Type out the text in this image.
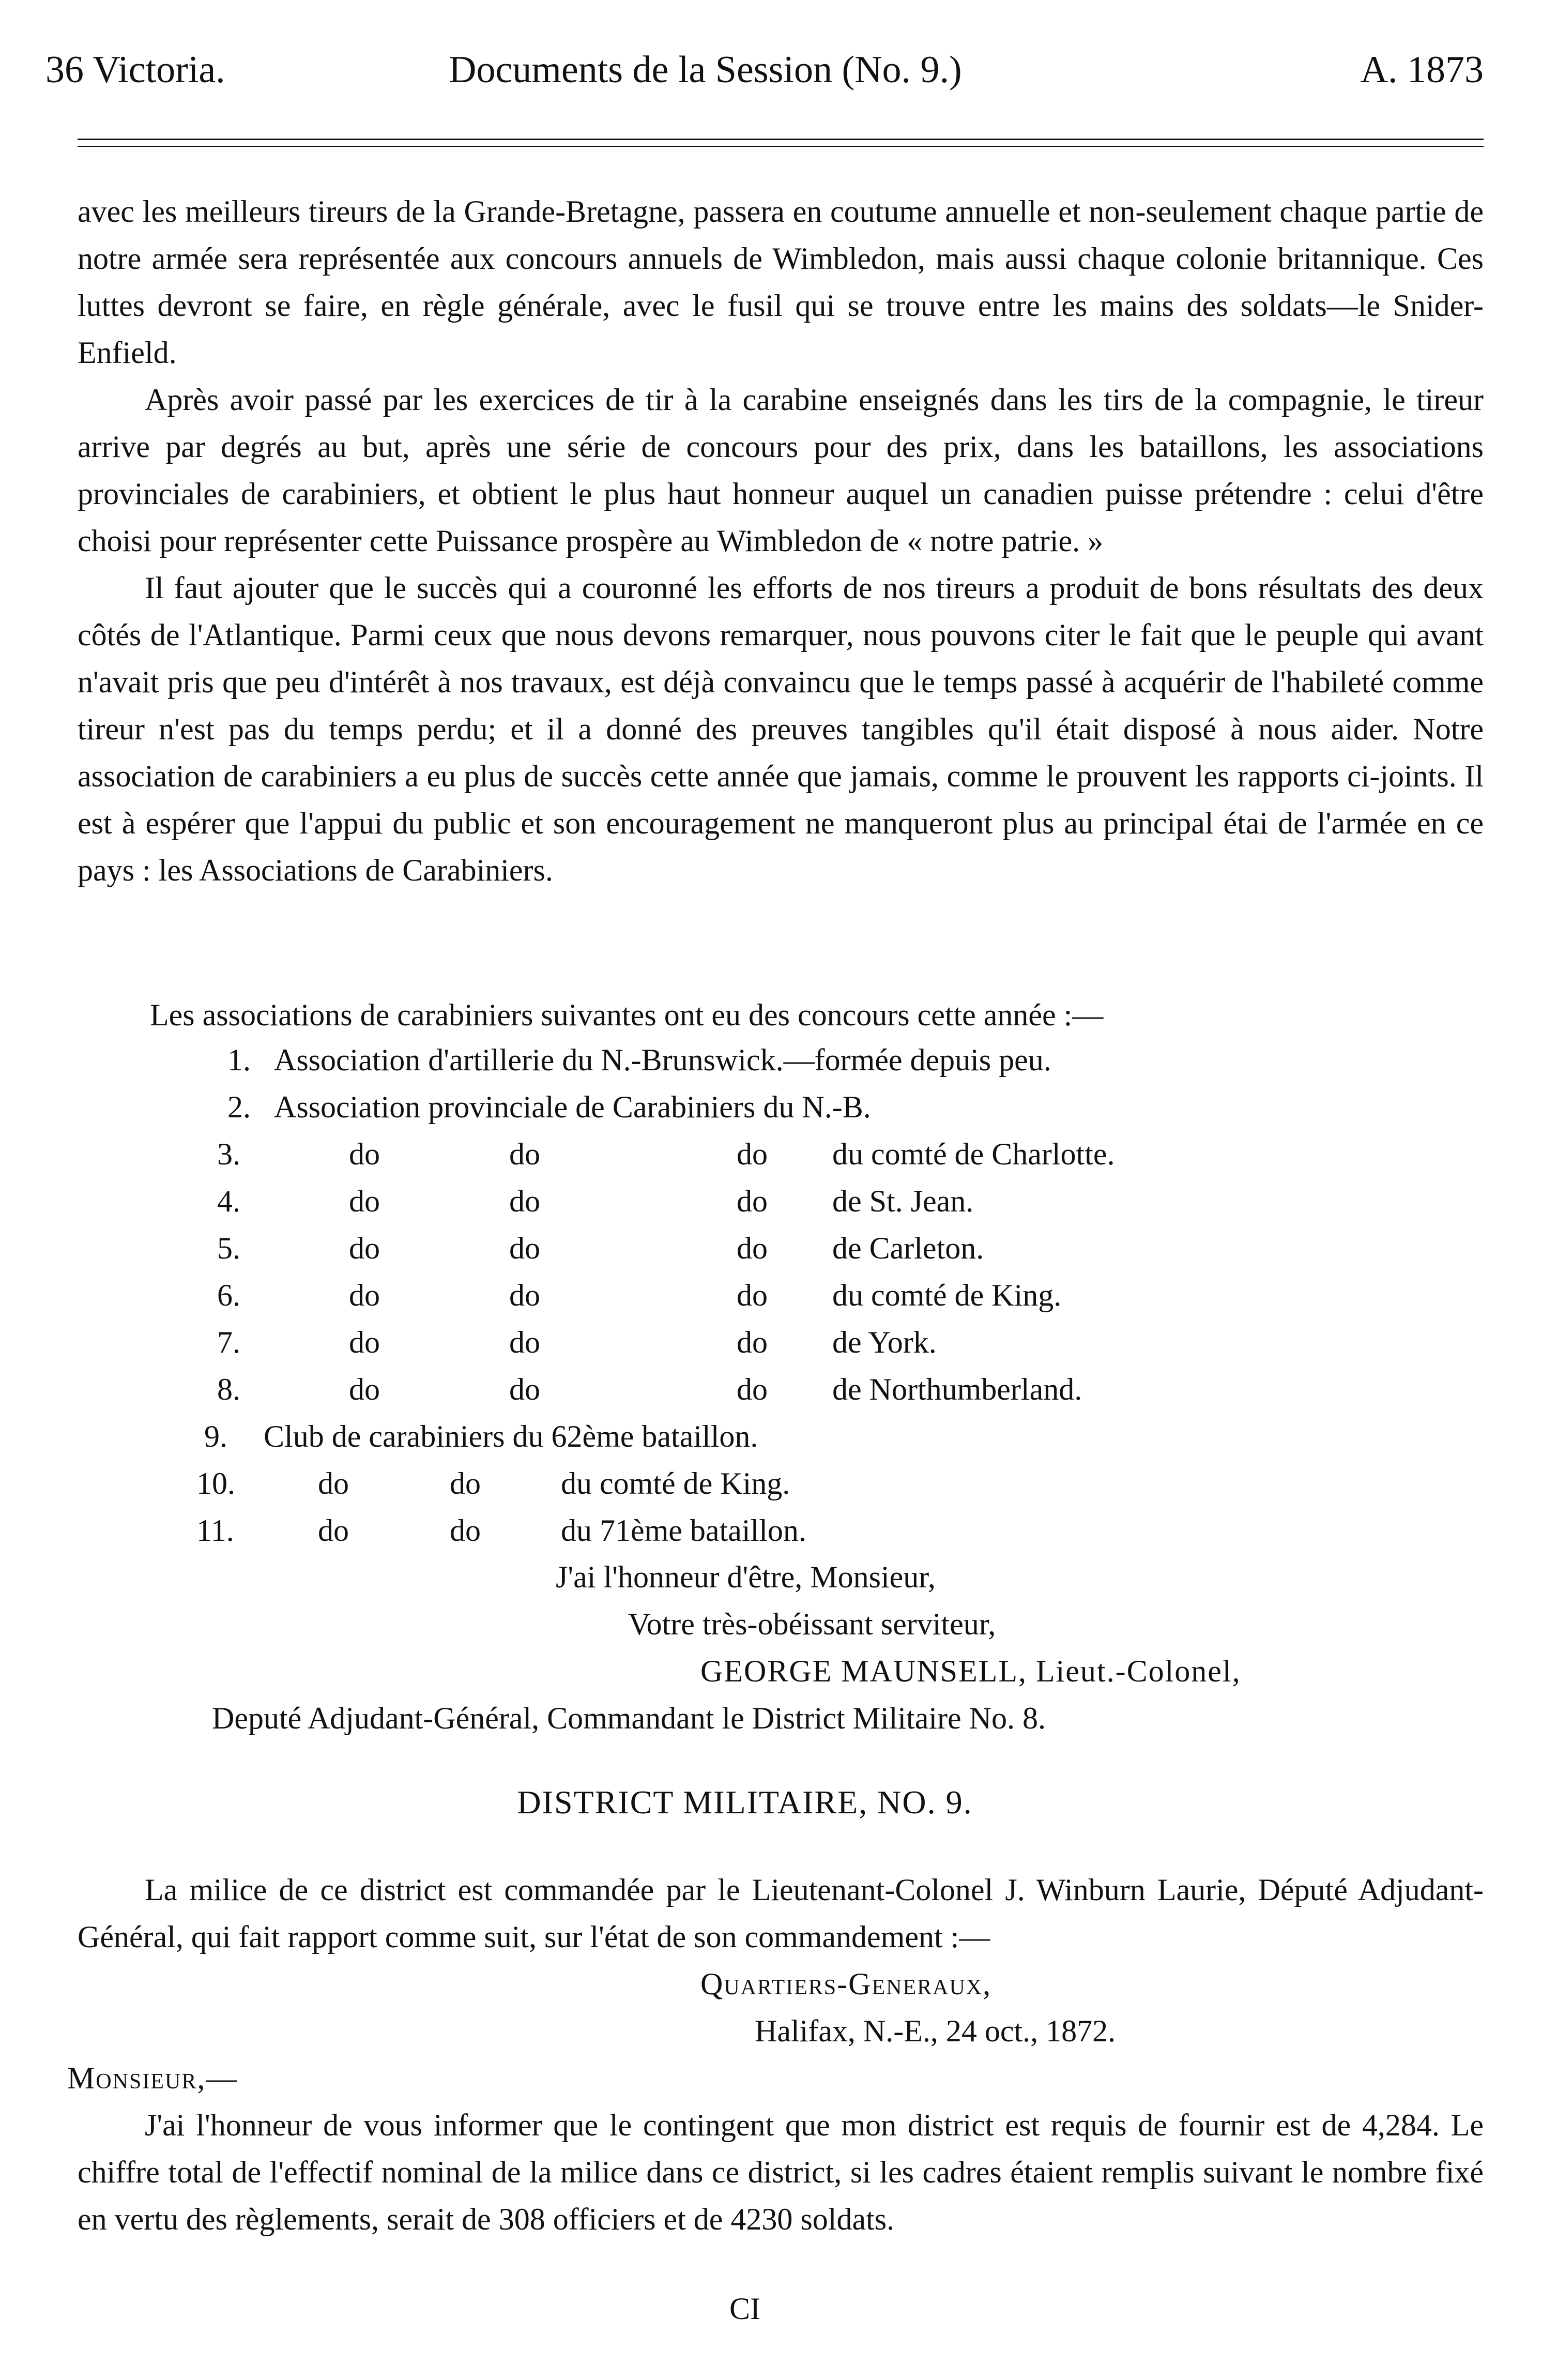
36 Victoria.	Documents de la Session (No. 9.)	A. 1873

avec les meilleurs tireurs de la Grande-Bretagne, passera en coutume annuelle et non-seulement chaque partie de notre armée sera représentée aux concours annuels de Wimbledon, mais aussi chaque colonie britannique. Ces luttes devront se faire, en règle générale, avec le fusil qui se trouve entre les mains des soldats—le Snider-Enfield.

Après avoir passé par les exercices de tir à la carabine enseignés dans les tirs de la compagnie, le tireur arrive par degrés au but, après une série de concours pour des prix, dans les bataillons, les associations provinciales de carabiniers, et obtient le plus haut honneur auquel un canadien puisse prétendre : celui d'être choisi pour représenter cette Puissance prospère au Wimbledon de « notre patrie. »

Il faut ajouter que le succès qui a couronné les efforts de nos tireurs a produit de bons résultats des deux côtés de l'Atlantique. Parmi ceux que nous devons remarquer, nous pouvons citer le fait que le peuple qui avant n'avait pris que peu d'intérêt à nos travaux, est déjà convaincu que le temps passé à acquérir de l'habileté comme tireur n'est pas du temps perdu; et il a donné des preuves tangibles qu'il était disposé à nous aider. Notre association de carabiniers a eu plus de succès cette année que jamais, comme le prouvent les rapports ci-joints. Il est à espérer que l'appui du public et son encouragement ne manqueront plus au principal étai de l'armée en ce pays : les Associations de Carabiniers.

Les associations de carabiniers suivantes ont eu des concours cette année :—

1. Association d'artillerie du N.-Brunswick.—formée depuis peu.
2. Association provinciale de Carabiniers du N.-B.
3.	do	do	do du comté de Charlotte.
4.	do	do	do de St. Jean.
5.	do	do	do de Carleton.
6.	do	do	do du comté de King.
7.	do	do	do de York.
8.	do	do	do de Northumberland.
9. Club de carabiniers du 62ème bataillon.
10.	do	do	du comté de King.
11.	do	do	du 71ème bataillon.

J'ai l'honneur d'être, Monsieur,

Votre très-obéissant serviteur,

GEORGE MAUNSELL, Lieut.-Colonel,

Deputé Adjudant-Général, Commandant le District Militaire No. 8.

DISTRICT MILITAIRE, NO. 9.

La milice de ce district est commandée par le Lieutenant-Colonel J. Winburn Laurie, Député Adjudant-Général, qui fait rapport comme suit, sur l'état de son commandement :—

Quartiers-Generaux,

Halifax, N.-E., 24 oct., 1872.

Monsieur,—

J'ai l'honneur de vous informer que le contingent que mon district est requis de fournir est de 4,284. Le chiffre total de l'effectif nominal de la milice dans ce district, si les cadres étaient remplis suivant le nombre fixé en vertu des règlements, serait de 308 officiers et de 4230 soldats.

CI
